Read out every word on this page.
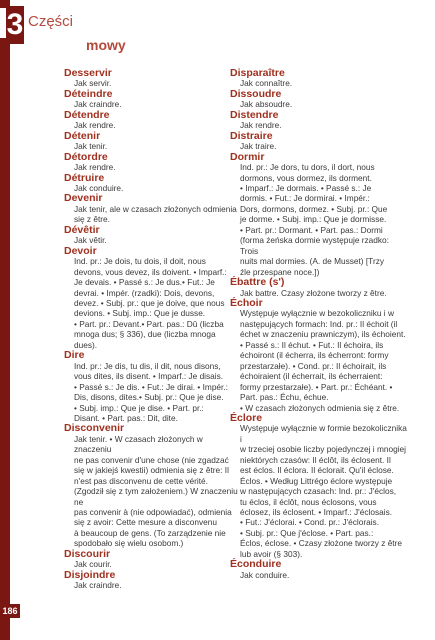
3 Części
mowy
Desservir
Jak servir.
Déteindre
Jak craindre.
Détendre
Jak rendre.
Détenir
Jak tenir.
Détordre
Jak rendre.
Détruire
Jak conduire.
Devenir
Jak tenir, ale w czasach złożonych odmienia
się z être.
Dévêtir
Jak vêtir.
Devoir
Ind. pr.: Je dois, tu dois, il doit, nous
devons, vous devez, ils doivent. • Imparf.:
Je devais. • Passé s.: Je dus.• Fut.: Je
devrai. • Impér. (rzadki): Dois, devons,
devez. • Subj. pr.: que je doive, que nous
devions. • Subj. imp.: Que je dusse.
• Part. pr.: Devant.• Part. pas.: Dû (liczba
mnoga dus; § 336), due (liczba mnoga
dues).
Dire
Ind. pr.: Je dis, tu dis, il dit, nous disons,
vous dites, ils disent. • Imparf.: Je disais.
• Passé s.: Je dis. • Fut.: Je dirai. • Impér.:
Dis, disons, dites.• Subj. pr.: Que je dise.
• Subj. imp.: Que je dise. • Part. pr.:
Disant. • Part. pas.: Dit, dite.
Disconvenir
Jak tenir. • W czasach złożonych w znaczeniu
ne pas convenir d'une chose (nie zgadzać
się w jakiejś kwestii) odmienia się z être: Il
n'est pas disconvenu de cette vérité.
(Zgodził się z tym założeniem.) W znaczeniu ne
pas convenir à (nie odpowiadać), odmienia
się z avoir: Cette mesure a disconvenu
à beaucoup de gens. (To zarządzenie nie
spodobało się wielu osobom.)
Discourir
Jak courir.
Disjoindre
Jak craindre.
Disparaître
Jak connaître.
Dissoudre
Jak absoudre.
Distendre
Jak rendre.
Distraire
Jak traire.
Dormir
Ind. pr.: Je dors, tu dors, il dort, nous
dormons, vous dormez, ils dorment.
• Imparf.: Je dormais. • Passé s.: Je
dormis. • Fut.: Je dormirai. • Impér.:
Dors, dormons, dormez. • Subj. pr.: Que
je dorme. • Subj. imp.: Que je dormisse.
• Part. pr.: Dormant. • Part. pas.: Dormi
(forma żeńska dormie występuje rzadko: Trois
nuits mal dormies. (A. de Musset) [Trzy
źle przespane noce.])
Ébattre (s')
Jak battre. Czasy złożone tworzy z être.
Échoir
Występuje wyłącznie w bezokoliczniku i w
następujących formach: Ind. pr.: Il échoit (il
échet w znaczeniu prawniczym), ils échoient.
• Passé s.: Il échut. • Fut.: Il échoira, ils
échoiront (il écherra, ils écherront: formy
przestarzałe). • Cond. pr.: Il échoirait, ils
échoiraient (il écherrait, ils écherraient:
formy przestarzałe). • Part. pr.: Échéant. •
Part. pas.: Échu, échue.
• W czasach złożonych odmienia się z être.
Éclore
Występuje wyłącznie w formie bezokolicznika i
w trzeciej osobie liczby pojedynczej i mnogiej
niektórych czasów: Il éclôt, ils éclosent. Il
est éclos. Il éclora. Il éclorait. Qu'il éclose.
Éclos. • Według Littrégo éclore występuje
w następujących czasach: Ind. pr.: J'éclos,
tu éclos, il éclôt, nous éclosons, vous
éclosez, ils éclosent. • Imparf.: J'éclosais.
• Fut.: J'éclorai. • Cond. pr.: J'éclorais.
• Subj. pr.: Que j'éclose. • Part. pas.:
Éclos, éclose. • Czasy złożone tworzy z être
lub avoir (§ 303).
Éconduire
Jak conduire.
186
